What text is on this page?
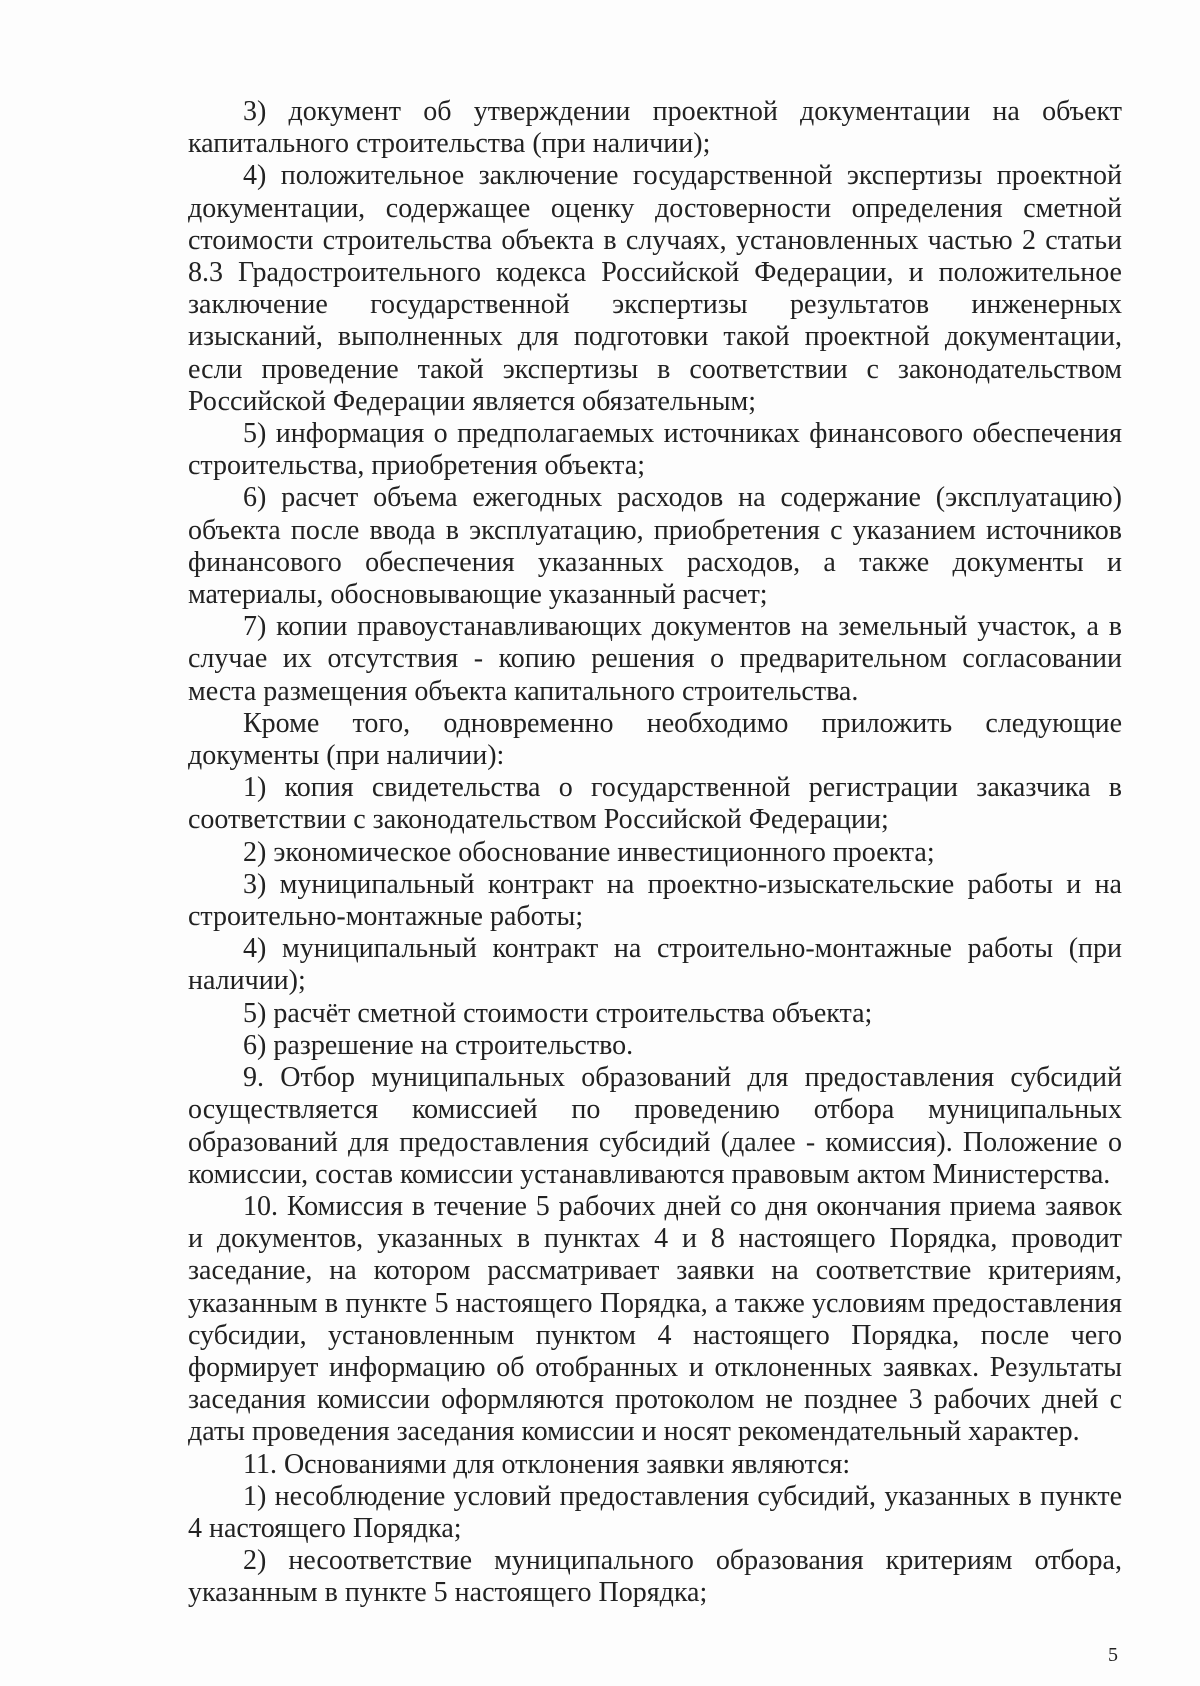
3) документ об утверждении проектной документации на объект капитального строительства (при наличии);

4) положительное заключение государственной экспертизы проектной документации, содержащее оценку достоверности определения сметной стоимости строительства объекта в случаях, установленных частью 2 статьи 8.3 Градостроительного кодекса Российской Федерации, и положительное заключение государственной экспертизы результатов инженерных изысканий, выполненных для подготовки такой проектной документации, если проведение такой экспертизы в соответствии с законодательством Российской Федерации является обязательным;

5) информация о предполагаемых источниках финансового обеспечения строительства, приобретения объекта;

6) расчет объема ежегодных расходов на содержание (эксплуатацию) объекта после ввода в эксплуатацию, приобретения с указанием источников финансового обеспечения указанных расходов, а также документы и материалы, обосновывающие указанный расчет;

7) копии правоустанавливающих документов на земельный участок, а в случае их отсутствия - копию решения о предварительном согласовании места размещения объекта капитального строительства.

Кроме того, одновременно необходимо приложить следующие документы (при наличии):

1) копия свидетельства о государственной регистрации заказчика в соответствии с законодательством Российской Федерации;

2) экономическое обоснование инвестиционного проекта;

3) муниципальный контракт на проектно-изыскательские работы и на строительно-монтажные работы;

4) муниципальный контракт на строительно-монтажные работы (при наличии);

5) расчёт сметной стоимости строительства объекта;

6) разрешение на строительство.

9. Отбор муниципальных образований для предоставления субсидий осуществляется комиссией по проведению отбора муниципальных образований для предоставления субсидий (далее - комиссия). Положение о комиссии, состав комиссии устанавливаются правовым актом Министерства.

10. Комиссия в течение 5 рабочих дней со дня окончания приема заявок и документов, указанных в пунктах 4 и 8 настоящего Порядка, проводит заседание, на котором рассматривает заявки на соответствие критериям, указанным в пункте 5 настоящего Порядка, а также условиям предоставления субсидии, установленным пунктом 4 настоящего Порядка, после чего формирует информацию об отобранных и отклоненных заявках. Результаты заседания комиссии оформляются протоколом не позднее 3 рабочих дней с даты проведения заседания комиссии и носят рекомендательный характер.

11. Основаниями для отклонения заявки являются:

1) несоблюдение условий предоставления субсидий, указанных в пункте 4 настоящего Порядка;

2) несоответствие муниципального образования критериям отбора, указанным в пункте 5 настоящего Порядка;

5
